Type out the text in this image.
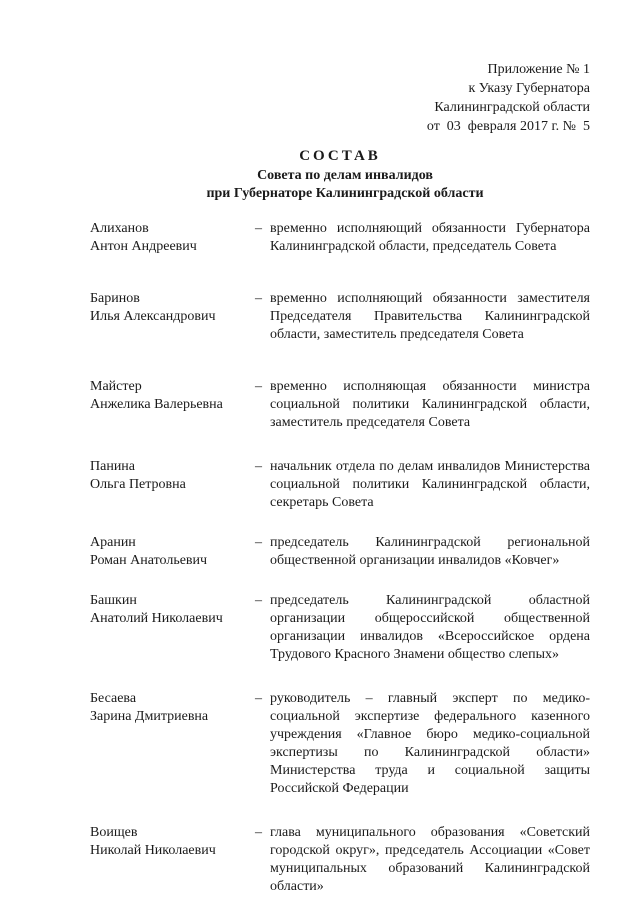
Приложение № 1
к Указу Губернатора
Калининградской области
от  03  февраля 2017 г. №  5
СОСТАВ
Совета по делам инвалидов
при Губернаторе Калининградской области
Алиханов
Антон Андреевич
– временно исполняющий обязанности Губернатора Калининградской области, председатель Совета
Баринов
Илья Александрович
– временно исполняющий обязанности заместителя Председателя Правительства Калининградской области, заместитель председателя Совета
Майстер
Анжелика Валерьевна
– временно исполняющая обязанности министра социальной политики Калининградской области, заместитель председателя Совета
Панина
Ольга Петровна
– начальник отдела по делам инвалидов Министерства социальной политики Калининградской области, секретарь Совета
Аранин
Роман Анатольевич
– председатель Калининградской региональной общественной организации инвалидов «Ковчег»
Башкин
Анатолий Николаевич
– председатель Калининградской областной организации общероссийской общественной организации инвалидов «Всероссийское ордена Трудового Красного Знамени общество слепых»
Бесаева
Зарина Дмитриевна
– руководитель – главный эксперт по медико-социальной экспертизе федерального казенного учреждения «Главное бюро медико-социальной экспертизы по Калининградской области» Министерства труда и социальной защиты Российской Федерации
Воищев
Николай Николаевич
– глава муниципального образования «Советский городской округ», председатель Ассоциации «Совет муниципальных образований Калининградской области»
